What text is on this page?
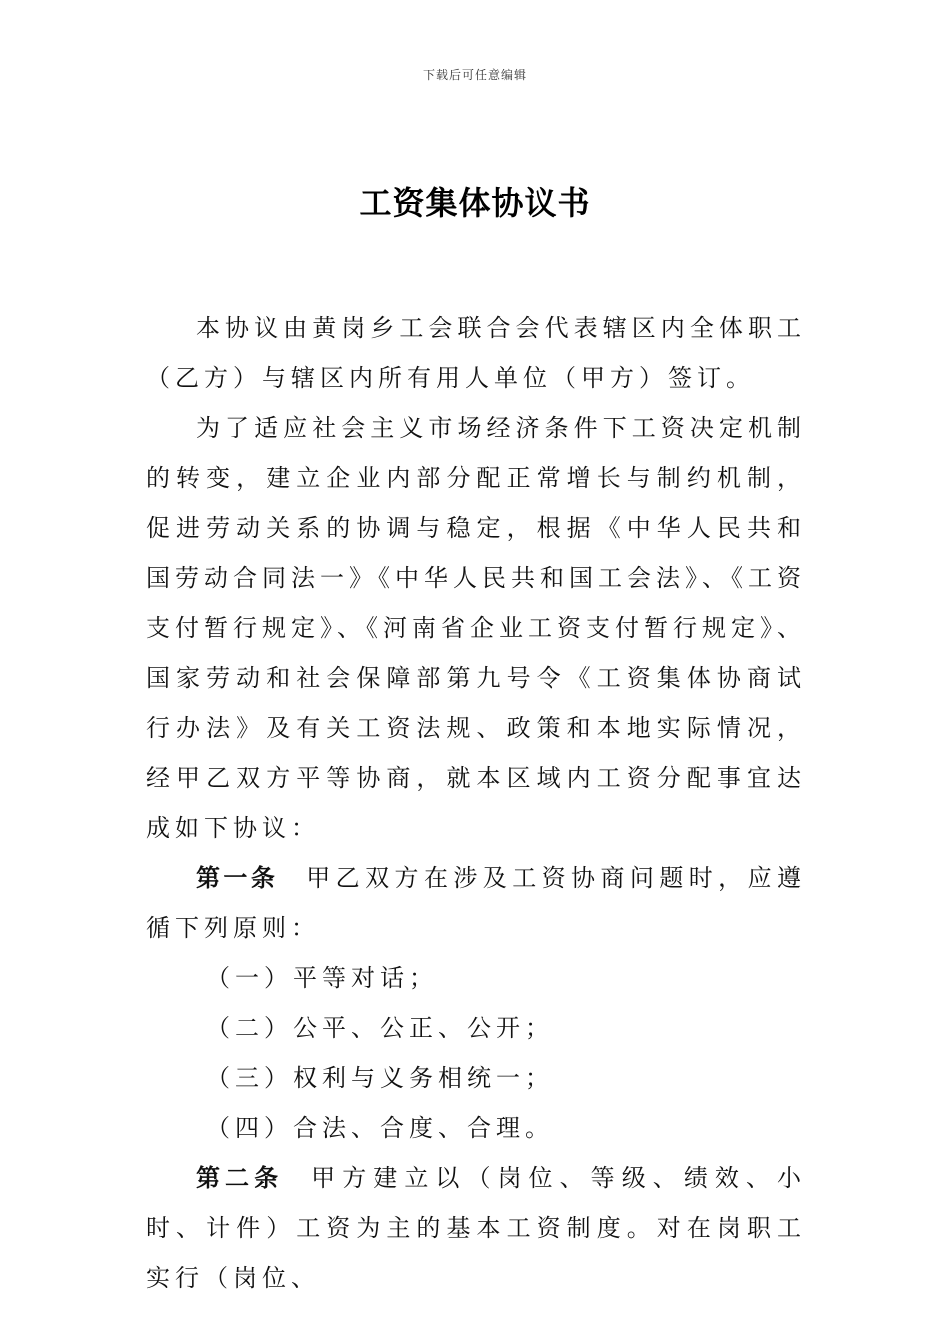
下载后可任意编辑
工资集体协议书

本协议由黄岗乡工会联合会代表辖区内全体职工（乙方）与辖区内所有用人单位（甲方）签订。

为了适应社会主义市场经济条件下工资决定机制的转变，建立企业内部分配正常增长与制约机制，促进劳动关系的协调与稳定，根据《中华人民共和国劳动合同法一》《中华人民共和国工会法》、《工资支付暂行规定》、《河南省企业工资支付暂行规定》、国家劳动和社会保障部第九号令《工资集体协商试行办法》及有关工资法规、政策和本地实际情况，经甲乙双方平等协商，就本区域内工资分配事宜达成如下协议：

第一条 甲乙双方在涉及工资协商问题时，应遵循下列原则：

（一）平等对话；

（二）公平、公正、公开；

（三）权利与义务相统一；

（四）合法、合度、合理。

第二条 甲方建立以（岗位、等级、绩效、小时、计件）工资为主的基本工资制度。对在岗职工实行（岗位、
